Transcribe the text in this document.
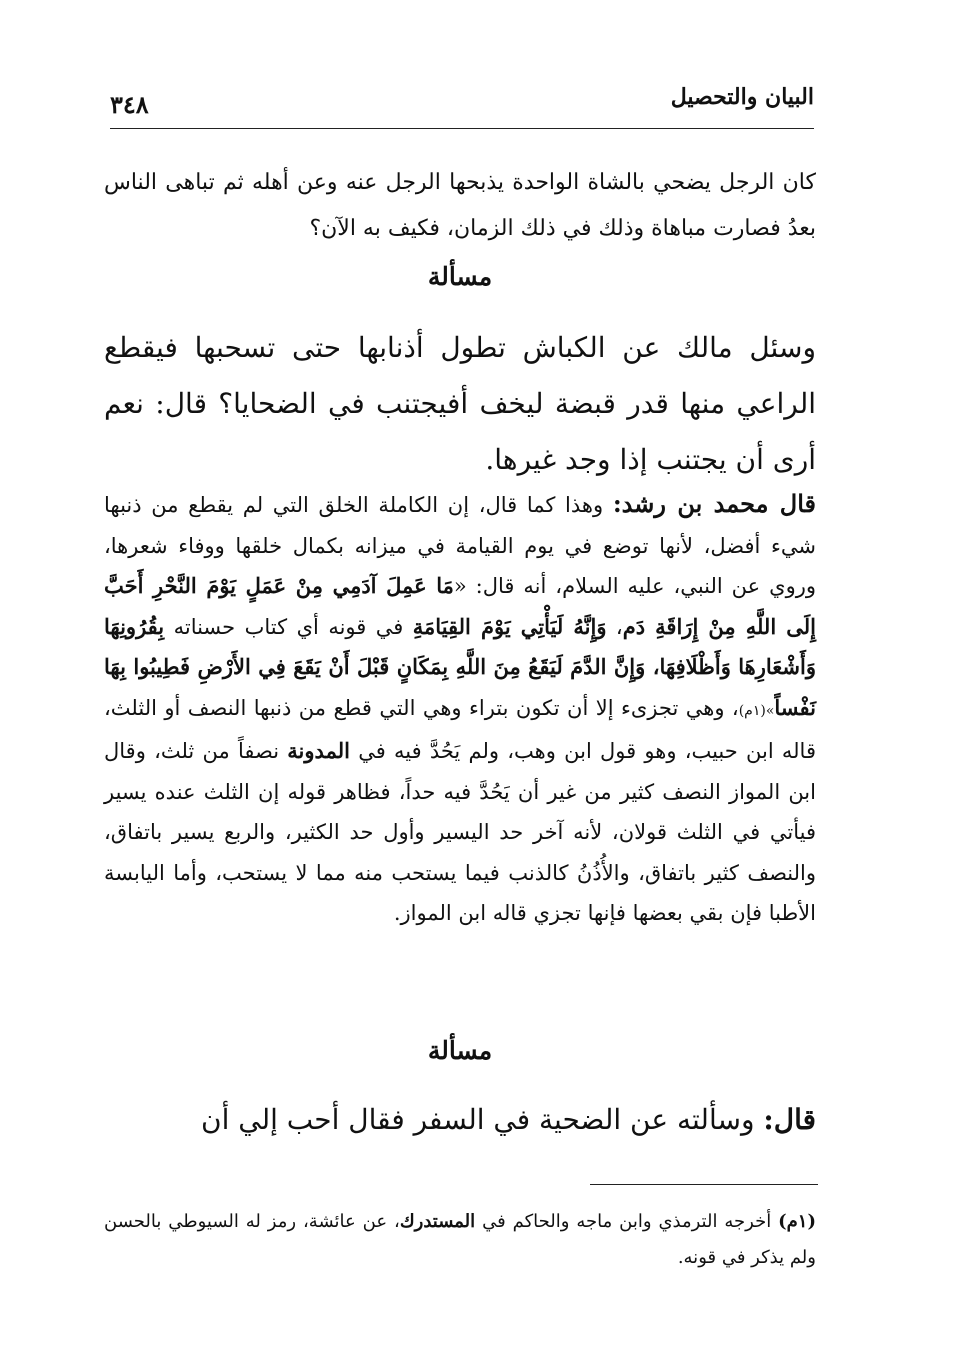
البيان والتحصيل
٣٤٨

كان الرجل يضحي بالشاة الواحدة يذبحها الرجل عنه وعن أهله ثم تباهى الناس بعدُ فصارت مباهاة وذلك في ذلك الزمان، فكيف به الآن؟

مسألة

وسئل مالك عن الكباش تطول أذنابها حتى تسحبها فيقطع الراعي منها قدر قبضة ليخف أفيجتنب في الضحايا؟ قال: نعم أرى أن يجتنب إذا وجد غيرها.

قال محمد بن رشد: وهذا كما قال، إن الكاملة الخلق التي لم يقطع من ذنبها شيء أفضل، لأنها توضع في يوم القيامة في ميزانه بكمال خلقها ووفاء شعرها، وروي عن النبي، عليه السلام، أنه قال: «مَا عَمِلَ آدَمِي مِنْ عَمَلٍ يَوْمَ النَّحْرِ أَحَبَّ إِلَى اللَّهِ مِنْ إِرَاقَةِ دَم، وَإِنَّهُ لَيَأْتِي يَوْمَ القِيَامَةِ في قونه أي كتاب حسناته بِقُرُونِهَا وَأَشْعَارِهَا وَأَظْلَافِهَا، وَإِنَّ الدَّمَ لَيَقَعُ مِنَ اللَّهِ بِمَكَانٍ قَبْلَ أَنْ يَقَعَ فِي الأَرْضِ فَطِيبُوا بِهَا نَفْساً»(١م)، وهي تجزىء إلا أن تكون بتراء وهي التي قطع من ذنبها النصف أو الثلث، قاله ابن حبيب، وهو قول ابن وهب، ولم يَحُدَّ فيه في المدونة نصفاً من ثلث، وقال ابن المواز النصف كثير من غير أن يَحُدَّ فيه حداً، فظاهر قوله إن الثلث عنده يسير فيأتي في الثلث قولان، لأنه آخر حد اليسير وأول حد الكثير، والربع يسير باتفاق، والنصف كثير باتفاق، والأُذُنُ كالذنب فيما يستحب منه مما لا يستحب، وأما اليابسة الأطبا فإن بقي بعضها فإنها تجزي قاله ابن المواز.

مسألة

قال: وسألته عن الضحية في السفر فقال أحب إلي أن

(١م) أخرجه الترمذي وابن ماجه والحاكم في المستدرك، عن عائشة، رمز له السيوطي بالحسن ولم يذكر في قونه.
